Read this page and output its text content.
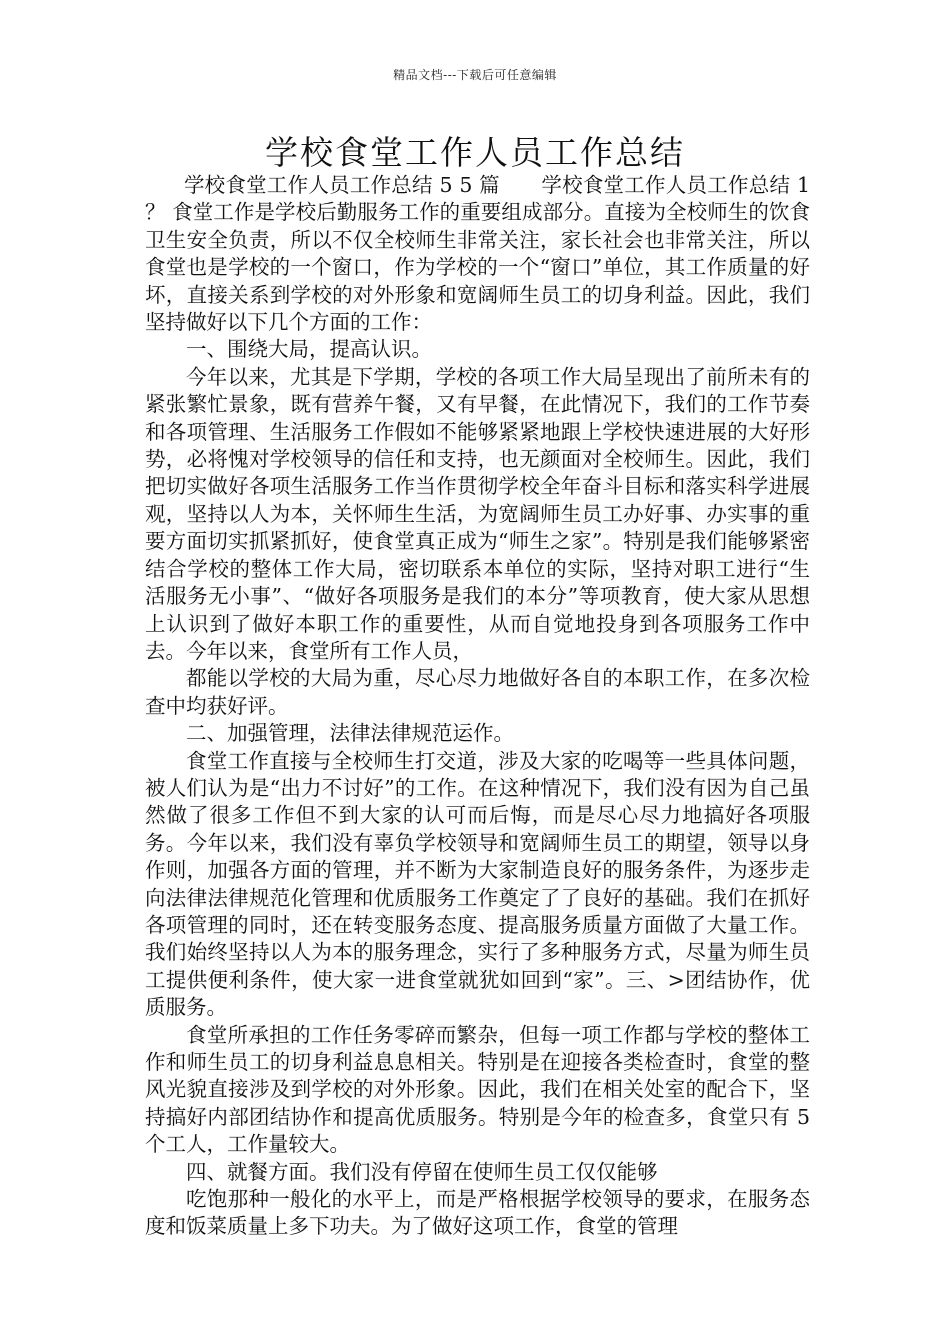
精品文档---下载后可任意编辑
学校食堂工作人员工作总结

学校食堂工作人员工作总结 5 5 篇　　学校食堂工作人员工作总结 1 ？ 食堂工作是学校后勤服务工作的重要组成部分。直接为全校师生的饮食卫生安全负责，所以不仅全校师生非常关注，家长社会也非常关注，所以食堂也是学校的一个窗口，作为学校的一个“窗口”单位，其工作质量的好坏，直接关系到学校的对外形象和宽阔师生员工的切身利益。因此，我们坚持做好以下几个方面的工作：

一、围绕大局，提高认识。

今年以来，尤其是下学期，学校的各项工作大局呈现出了前所未有的紧张繁忙景象，既有营养午餐，又有早餐，在此情况下，我们的工作节奏和各项管理、生活服务工作假如不能够紧紧地跟上学校快速进展的大好形势，必将愧对学校领导的信任和支持，也无颜面对全校师生。因此，我们把切实做好各项生活服务工作当作贯彻学校全年奋斗目标和落实科学进展观，坚持以人为本，关怀师生生活，为宽阔师生员工办好事、办实事的重要方面切实抓紧抓好，使食堂真正成为“师生之家”。特别是我们能够紧密结合学校的整体工作大局，密切联系本单位的实际，坚持对职工进行“生活服务无小事”、“做好各项服务是我们的本分”等项教育，使大家从思想上认识到了做好本职工作的重要性，从而自觉地投身到各项服务工作中去。今年以来，食堂所有工作人员，

都能以学校的大局为重，尽心尽力地做好各自的本职工作，在多次检查中均获好评。

二、加强管理，法律法律规范运作。

食堂工作直接与全校师生打交道，涉及大家的吃喝等一些具体问题，被人们认为是“出力不讨好”的工作。在这种情况下，我们没有因为自己虽然做了很多工作但不到大家的认可而后悔，而是尽心尽力地搞好各项服务。今年以来，我们没有辜负学校领导和宽阔师生员工的期望，领导以身作则，加强各方面的管理，并不断为大家制造良好的服务条件，为逐步走向法律法律规范化管理和优质服务工作奠定了了良好的基础。我们在抓好各项管理的同时，还在转变服务态度、提高服务质量方面做了大量工作。我们始终坚持以人为本的服务理念，实行了多种服务方式，尽量为师生员工提供便利条件，使大家一进食堂就犹如回到“家”。三、>团结协作，优质服务。

食堂所承担的工作任务零碎而繁杂，但每一项工作都与学校的整体工作和师生员工的切身利益息息相关。特别是在迎接各类检查时，食堂的整风光貌直接涉及到学校的对外形象。因此，我们在相关处室的配合下，坚持搞好内部团结协作和提高优质服务。特别是今年的检查多，食堂只有 5 个工人，工作量较大。

四、就餐方面。我们没有停留在使师生员工仅仅能够

吃饱那种一般化的水平上，而是严格根据学校领导的要求，在服务态度和饭菜质量上多下功夫。为了做好这项工作，食堂的管理
